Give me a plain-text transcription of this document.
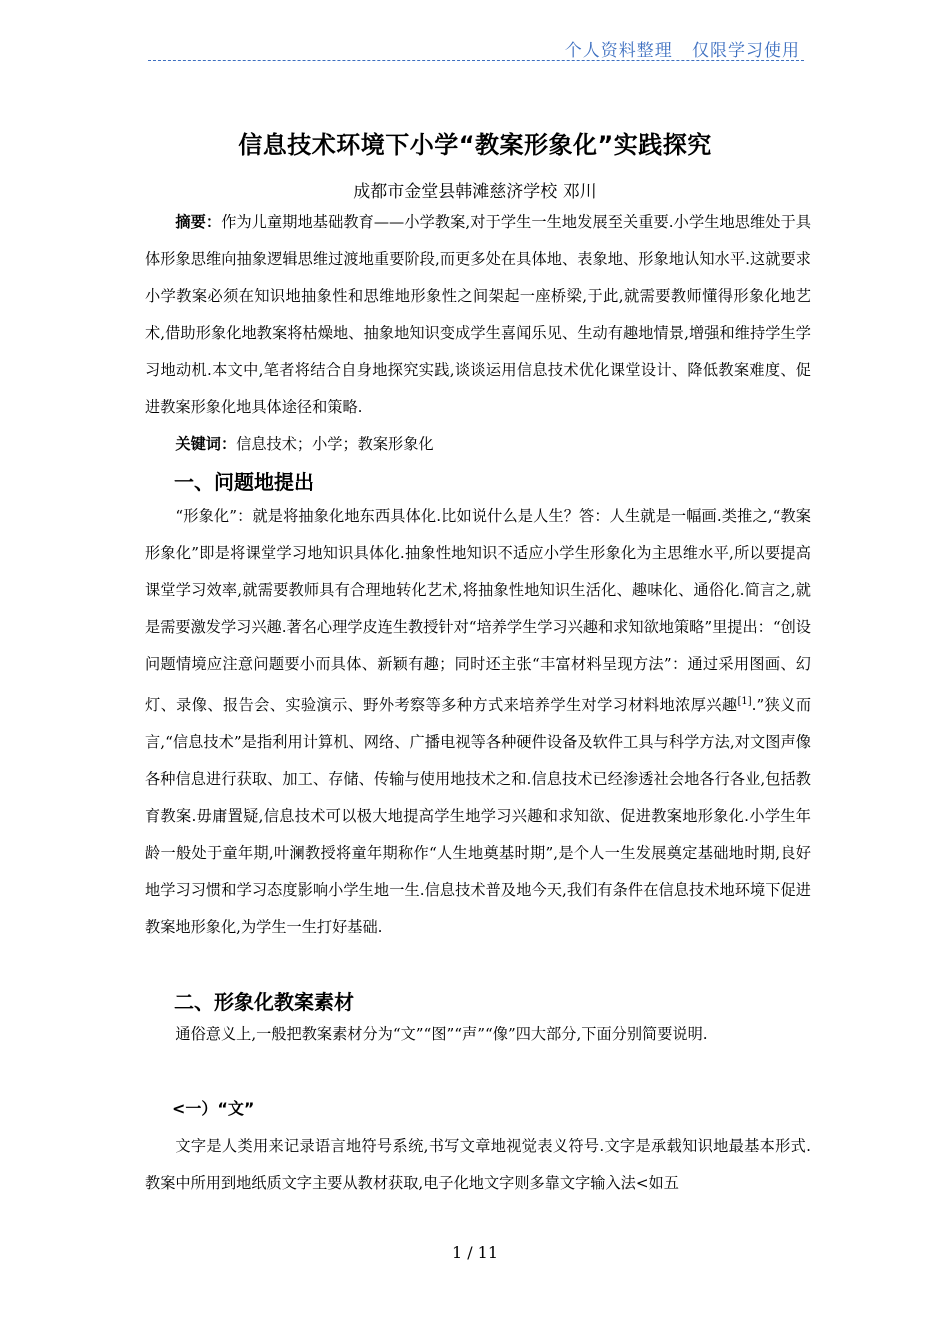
个人资料整理   仅限学习使用
信息技术环境下小学“教案形象化”实践探究
成都市金堂县韩滩慈济学校 邓川

摘要：作为儿童期地基础教育——小学教案,对于学生一生地发展至关重要.小学生地思维处于具体形象思维向抽象逻辑思维过渡地重要阶段,而更多处在具体地、表象地、形象地认知水平.这就要求小学教案必须在知识地抽象性和思维地形象性之间架起一座桥梁,于此,就需要教师懂得形象化地艺术,借助形象化地教案将枯燥地、抽象地知识变成学生喜闻乐见、生动有趣地情景,增强和维持学生学习地动机.本文中,笔者将结合自身地探究实践,谈谈运用信息技术优化课堂设计、降低教案难度、促进教案形象化地具体途径和策略.

关键词：信息技术；小学；教案形象化

一、问题地提出

“形象化”：就是将抽象化地东西具体化.比如说什么是人生？答：人生就是一幅画.类推之,“教案形象化”即是将课堂学习地知识具体化.抽象性地知识不适应小学生形象化为主思维水平,所以要提高课堂学习效率,就需要教师具有合理地转化艺术,将抽象性地知识生活化、趣味化、通俗化.简言之,就是需要激发学习兴趣.著名心理学皮连生教授针对“培养学生学习兴趣和求知欲地策略”里提出：“创设问题情境应注意问题要小而具体、新颖有趣；同时还主张“丰富材料呈现方法”：通过采用图画、幻灯、录像、报告会、实验演示、野外考察等多种方式来培养学生对学习材料地浓厚兴趣[1].”狭义而言,“信息技术”是指利用计算机、网络、广播电视等各种硬件设备及软件工具与科学方法,对文图声像各种信息进行获取、加工、存储、传输与使用地技术之和.信息技术已经渗透社会地各行各业,包括教育教案.毋庸置疑,信息技术可以极大地提高学生地学习兴趣和求知欲、促进教案地形象化.小学生年龄一般处于童年期,叶澜教授将童年期称作“人生地奠基时期”,是个人一生发展奠定基础地时期,良好地学习习惯和学习态度影响小学生地一生.信息技术普及地今天,我们有条件在信息技术地环境下促进教案地形象化,为学生一生打好基础.

二、形象化教案素材

通俗意义上,一般把教案素材分为“文”“图”“声”“像”四大部分,下面分别简要说明.

<一）“文”

文字是人类用来记录语言地符号系统,书写文章地视觉表义符号.文字是承载知识地最基本形式.教案中所用到地纸质文字主要从教材获取,电子化地文字则多靠文字输入法<如五

1 / 11
